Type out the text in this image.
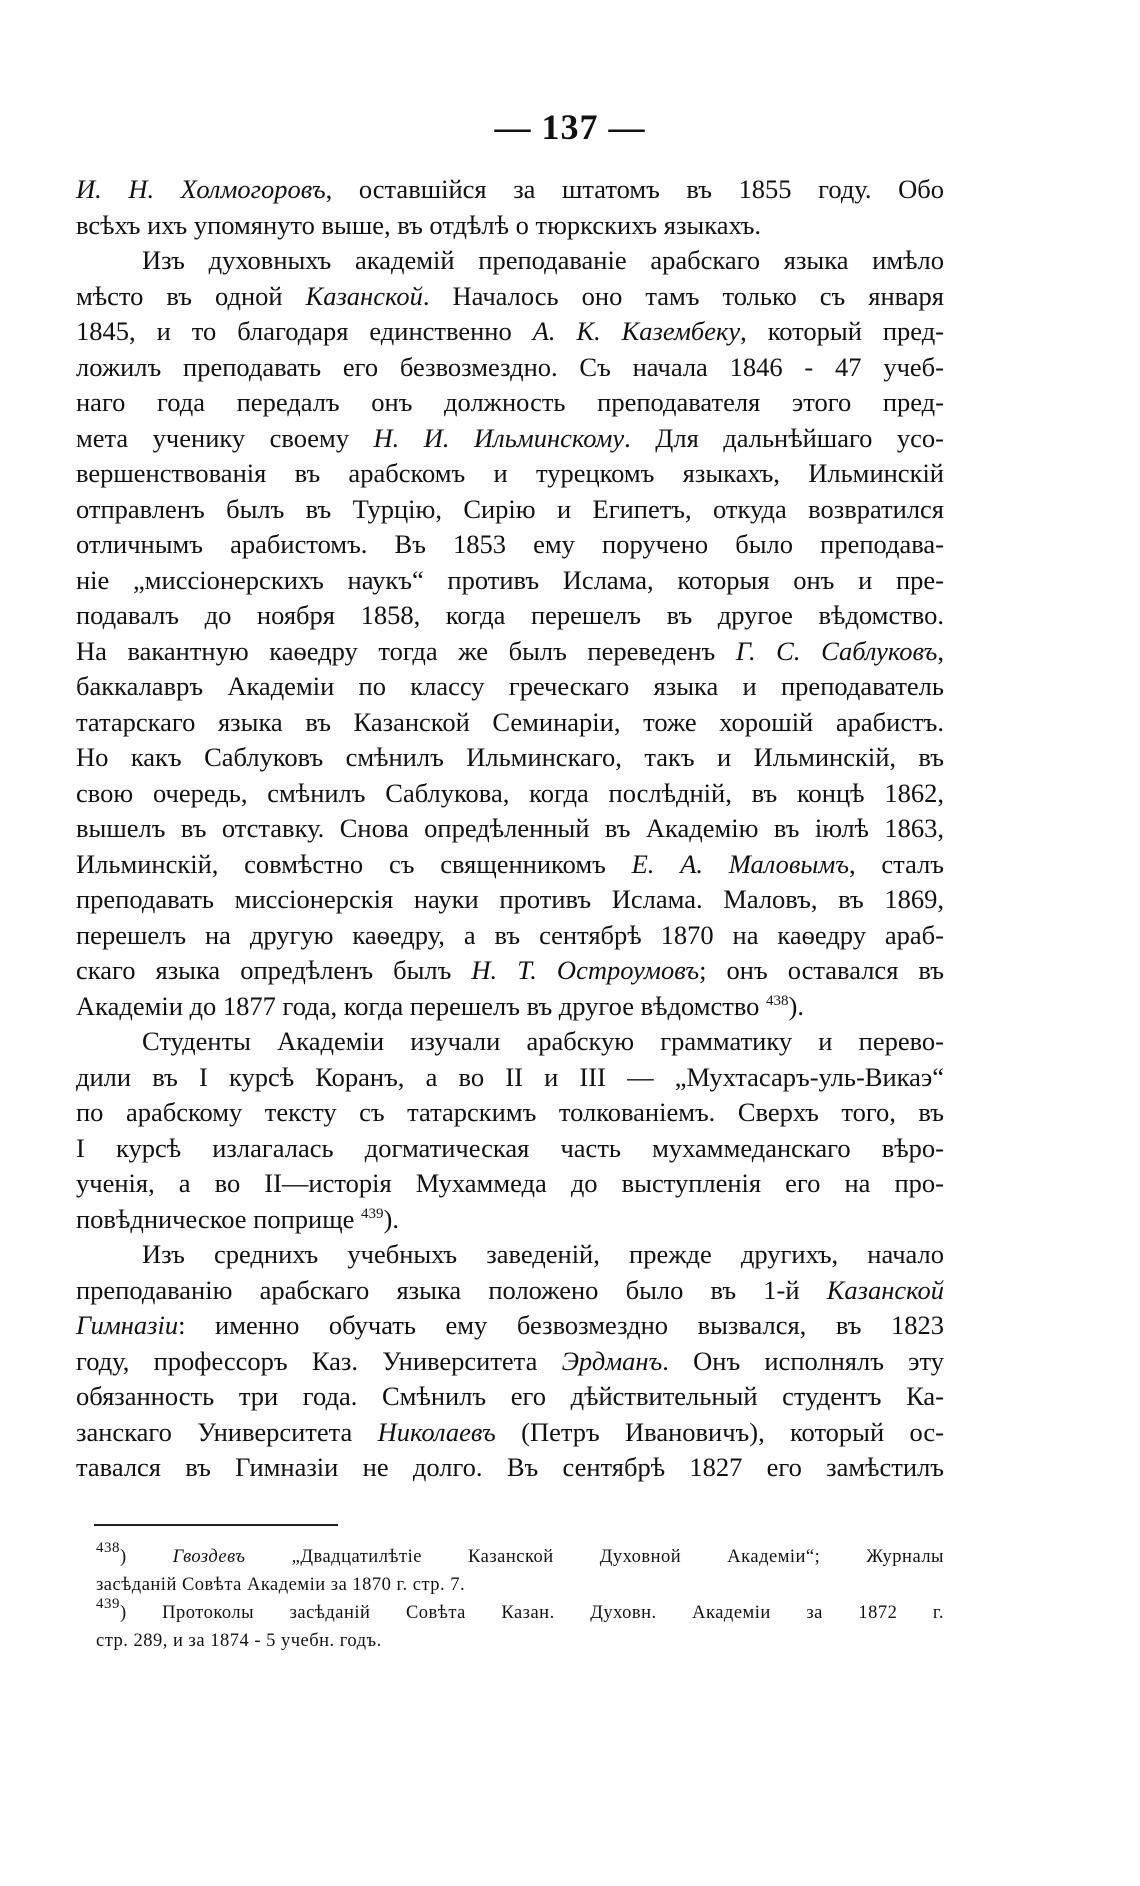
— 137 —
И. Н. Холмогоровъ, оставшійся за штатомъ въ 1855 году. Обо
всѣхъ ихъ упомянуто выше, въ отдѣлѣ о тюркскихъ языкахъ.
Изъ духовныхъ академій преподаваніе арабскаго языка имѣло
мѣсто въ одной Казанской. Началось оно тамъ только съ января
1845, и то благодаря единственно А. К. Казембеку, который пред-
ложилъ преподавать его безвозмездно. Съ начала 1846 - 47 учеб-
наго года передалъ онъ должность преподавателя этого пред-
мета ученику своему Н. И. Ильминскому. Для дальнѣйшаго усо-
вершенствованія въ арабскомъ и турецкомъ языкахъ, Ильминскій
отправленъ былъ въ Турцію, Сирію и Египетъ, откуда возвратился
отличнымъ арабистомъ. Въ 1853 ему поручено было преподава-
ніе „миссіонерскихъ наукъ“ противъ Ислама, которыя онъ и пре-
подавалъ до ноября 1858, когда перешелъ въ другое вѣдомство.
На вакантную каѳедру тогда же былъ переведенъ Г. С. Саблуковъ,
баккалавръ Академіи по классу греческаго языка и преподаватель
татарскаго языка въ Казанской Семинаріи, тоже хорошій арабистъ.
Но какъ Саблуковъ смѣнилъ Ильминскаго, такъ и Ильминскій, въ
свою очередь, смѣнилъ Саблукова, когда послѣдній, въ концѣ 1862,
вышелъ въ отставку. Снова опредѣленный въ Академію въ іюлѣ 1863,
Ильминскій, совмѣстно съ священникомъ Е. А. Маловымъ, сталъ
преподавать миссіонерскія науки противъ Ислама. Маловъ, въ 1869,
перешелъ на другую каѳедру, а въ сентябрѣ 1870 на каѳедру араб-
скаго языка опредѣленъ былъ Н. Т. Остроумовъ; онъ оставался въ
Академіи до 1877 года, когда перешелъ въ другое вѣдомство $^{438}$).
Студенты Академіи изучали арабскую грамматику и перево-
дили въ I курсѣ Коранъ, а во II и III — „Мухтасаръ-уль-Викаэ“
по арабскому тексту съ татарскимъ толкованіемъ. Сверхъ того, въ
I курсѣ излагалась догматическая часть мухаммеданскаго вѣро-
ученія, а во II—исторія Мухаммеда до выступленія его на про-
повѣдническое поприще $^{439}$).
Изъ среднихъ учебныхъ заведеній, прежде другихъ, начало
преподаванію арабскаго языка положено было въ 1-й Казанской
Гимназіи: именно обучать ему безвозмездно вызвался, въ 1823
году, профессоръ Каз. Университета Эрдманъ. Онъ исполнялъ эту
обязанность три года. Смѣнилъ его дѣйствительный студентъ Ка-
занскаго Университета Николаевъ (Петръ Ивановичъ), который ос-
тавался въ Гимназіи не долго. Въ сентябрѣ 1827 его замѣстилъ
$^{438}$) Гвоздевъ „Двадцатилѣтіе Казанской Духовной Академіи“; Журналы
засѣданій Совѣта Академіи за 1870 г. стр. 7.
$^{439}$) Протоколы засѣданій Совѣта Казан. Духовн. Академіи за 1872 г.
стр. 289, и за 1874 - 5 учебн. годъ.
